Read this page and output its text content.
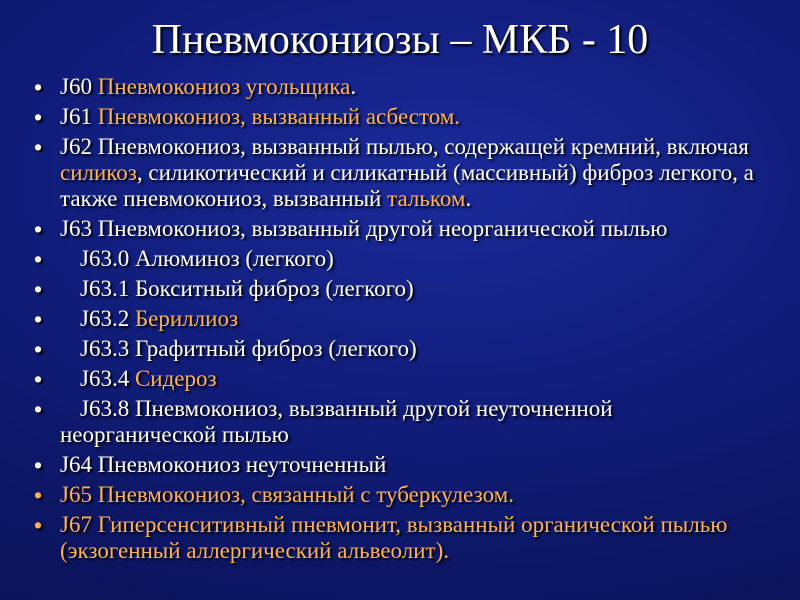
Пневмокониозы – МКБ - 10
• J60 Пневмокониоз угольщика.
• J61 Пневмокониоз, вызванный асбестом.
• J62 Пневмокониоз, вызванный пылью, содержащей кремний, включая силикоз, силикотический и силикатный (массивный) фиброз легкого, а также пневмокониоз, вызванный тальком.
• J63 Пневмокониоз, вызванный другой неорганической пылью
•	J63.0 Алюминоз (легкого)
•	J63.1 Бокситный фиброз (легкого)
•	J63.2 Бериллиоз
•	J63.3 Графитный фиброз (легкого)
•	J63.4 Сидероз
•	J63.8 Пневмокониоз, вызванный другой неуточненной неорганической пылью
• J64 Пневмокониоз неуточненный
• J65 Пневмокониоз, связанный с туберкулезом.
• J67 Гиперсенситивный пневмонит, вызванный органической пылью (экзогенный аллергический альвеолит).
